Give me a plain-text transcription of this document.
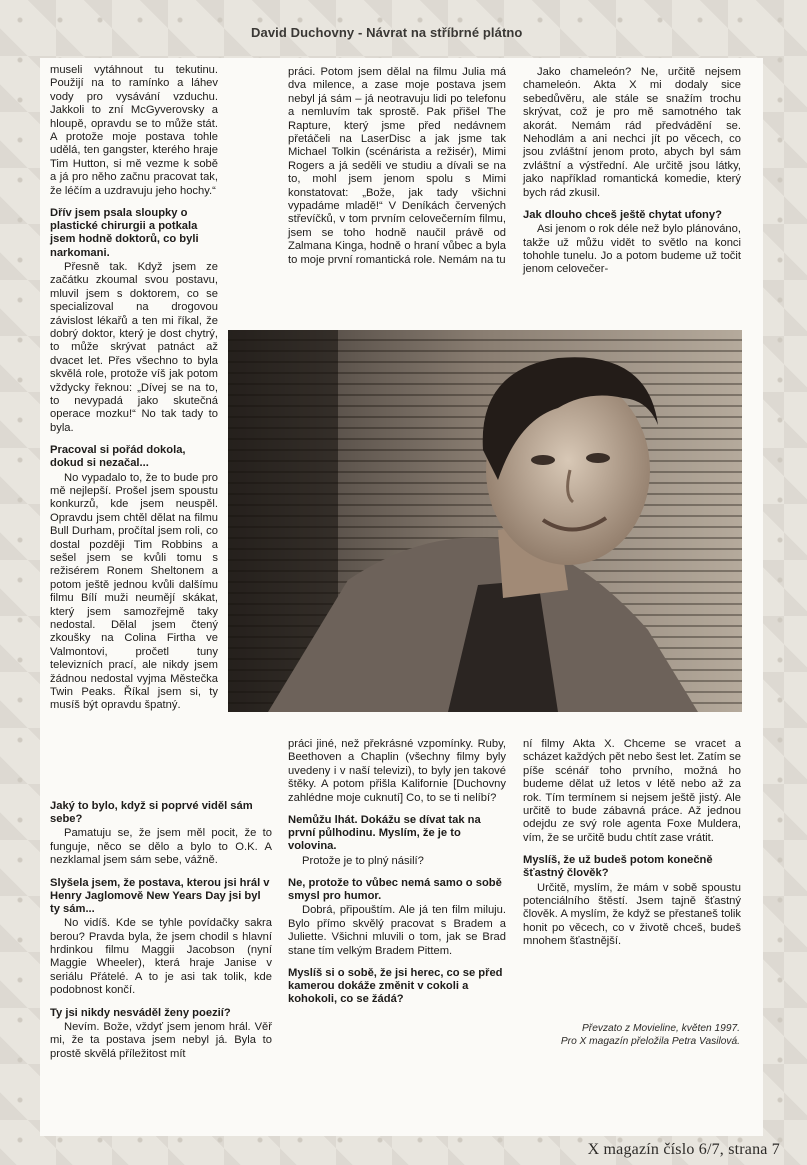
David Duchovny - Návrat na stříbrné plátno

museli vytáhnout tu tekutinu. Použijí na to ramínko a láhev vody pro vysávání vzduchu. Jakkoli to zní McGyverovsky a hloupě, opravdu se to může stát. A protože moje postava tohle udělá, ten gangster, kterého hraje Tim Hutton, si mě vezme k sobě a já pro něho začnu pracovat tak, že léčím a uzdravuju jeho hochy.“

Dřív jsem psala sloupky o plastické chirurgii a potkala jsem hodně doktorů, co byli narkomani.

Přesně tak. Když jsem ze začátku zkoumal svou postavu, mluvil jsem s doktorem, co se specializoval na drogovou závislost lékařů a ten mi říkal, že dobrý doktor, který je dost chytrý, to může skrývat patnáct až dvacet let. Přes všechno to byla skvělá role, protože víš jak potom vždycky řeknou: „Dívej se na to, to nevypadá jako skutečná operace mozku!“ No tak tady to byla.

Pracoval si pořád dokola, dokud si nezačal...

No vypadalo to, že to bude pro mě nejlepší. Prošel jsem spoustu konkurzů, kde jsem neuspěl. Opravdu jsem chtěl dělat na filmu Bull Durham, pročítal jsem roli, co dostal později Tim Robbins a sešel jsem se kvůli tomu s režisérem Ronem Sheltonem a potom ještě jednou kvůli dalšímu filmu Bílí muži neumějí skákat, který jsem samozřejmě taky nedostal. Dělal jsem čtený zkoušky na Colina Firtha ve Valmontovi, pročetl tuny televizních prací, ale nikdy jsem žádnou nedostal vyjma Městečka Twin Peaks. Říkal jsem si, ty musíš být opravdu špatný.

práci. Potom jsem dělal na filmu Julia má dva milence, a zase moje postava jsem nebyl já sám – já neotravuju lidi po telefonu a nemluvím tak sprostě. Pak přišel The Rapture, který jsme před nedávnem přetáčeli na LaserDisc a jak jsme tak Michael Tolkin (scénárista a režisér), Mimi Rogers a já seděli ve studiu a dívali se na to, mohl jsem jenom spolu s Mimi konstatovat: „Bože, jak tady všichni vypadáme mladě!“ V Deníkách červených střevíčků, v tom prvním celovečerním filmu, jsem se toho hodně naučil právě od Zalmana Kinga, hodně o hraní vůbec a byla to moje první romantická role. Nemám na tu

Jako chameleón? Ne, určitě nejsem chameleón. Akta X mi dodaly sice sebedůvěru, ale stále se snažím trochu skrývat, což je pro mě samotného tak akorát. Nemám rád předvádění se. Nehodlám a ani nechci jít po věcech, co jsou zvláštní jenom proto, abych byl sám zvláštní a výstřední. Ale určitě jsou látky, jako například romantická komedie, který bych rád zkusil.

Jak dlouho chceš ještě chytat ufony?

Asi jenom o rok déle než bylo plánováno, takže už můžu vidět to světlo na konci tohohle tunelu. Jo a potom budeme už točit jenom celovečer-

Jaký to bylo, když si poprvé viděl sám sebe?

Pamatuju se, že jsem měl pocit, že to funguje, něco se dělo a bylo to O.K. A nezklamal jsem sám sebe, vážně.

Slyšela jsem, že postava, kterou jsi hrál v Henry Jaglomově New Years Day jsi byl ty sám...

No vidíš. Kde se tyhle povídačky sakra berou? Pravda byla, že jsem chodil s hlavní hrdinkou filmu Maggii Jacobson (nyní Maggie Wheeler), která hraje Janise v seriálu Přátelé. A to je asi tak tolik, kde podobnost končí.

Ty jsi nikdy nesváděl ženy poezií?

Nevím. Bože, vždyť jsem jenom hrál. Věř mi, že ta postava jsem nebyl já. Byla to prostě skvělá příležitost mít

práci jiné, než překrásné vzpomínky. Ruby, Beethoven a Chaplin (všechny filmy byly uvedeny i v naší televizi), to byly jen takové štěky. A potom přišla Kalifornie [Duchovny zahlédne moje cuknutí] Co, to se ti nelíbí?

Nemůžu lhát. Dokážu se dívat tak na první půlhodinu. Myslím, že je to volovina.

Protože je to plný násilí?

Ne, protože to vůbec nemá samo o sobě smysl pro humor.

Dobrá, připouštím. Ale já ten film miluju. Bylo přímo skvělý pracovat s Bradem a Juliette. Všichni mluvili o tom, jak se Brad stane tím velkým Bradem Pittem.

Myslíš si o sobě, že jsi herec, co se před kamerou dokáže změnit v cokoli a kohokoli, co se žádá?

ní filmy Akta X. Chceme se vracet a scházet každých pět nebo šest let. Zatím se píše scénář toho prvního, možná ho budeme dělat už letos v létě nebo až za rok. Tím termínem si nejsem ještě jistý. Ale určitě to bude zábavná práce. Až jednou odejdu ze svý role agenta Foxe Muldera, vím, že se určitě budu chtít zase vrátit.

Myslíš, že už budeš potom konečně šťastný člověk?

Určitě, myslím, že mám v sobě spoustu potenciálního štěstí. Jsem tajně šťastný člověk. A myslím, že když se přestaneš tolik honit po věcech, co v životě chceš, budeš mnohem šťastnější.

Převzato z Movieline, květen 1997.
Pro X magazín přeložila Petra Vasilová.
X magazín číslo 6/7, strana 7
